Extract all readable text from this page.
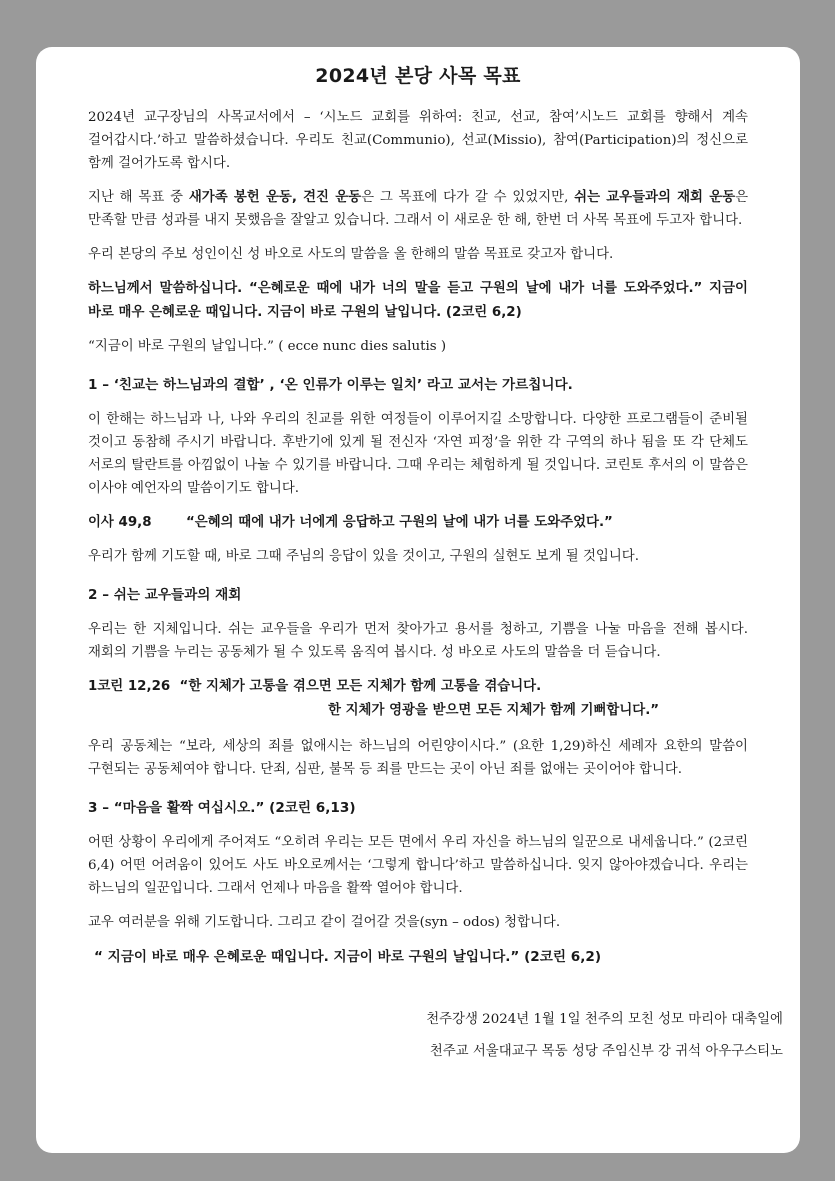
2024년 본당 사목 목표

2024년 교구장님의 사목교서에서 – ‘시노드 교회를 위하여: 친교, 선교, 참여’시노드 교회를 향해서 계속 걸어갑시다.’하고 말씀하셨습니다. 우리도 친교(Communio), 선교(Missio), 참여(Participation)의 정신으로 함께 걸어가도록 합시다.

지난 해 목표 중 새가족 봉헌 운동, 견진 운동은 그 목표에 다가 갈 수 있었지만, 쉬는 교우들과의 재회 운동은 만족할 만큼 성과를 내지 못했음을 잘알고 있습니다. 그래서 이 새로운 한 해, 한번 더 사목 목표에 두고자 합니다.

우리 본당의 주보 성인이신 성 바오로 사도의 말씀을 올 한해의 말씀 목표로 갖고자 합니다.

하느님께서 말씀하십니다. “은혜로운 때에 내가 너의 말을 듣고 구원의 날에 내가 너를 도와주었다.” 지금이 바로 매우 은혜로운 때입니다. 지금이 바로 구원의 날입니다. (2코린 6,2)

“지금이 바로 구원의 날입니다.” ( ecce nunc dies salutis )

1 – ‘친교는 하느님과의 결합’ , ‘온 인류가 이루는 일치’ 라고 교서는 가르칩니다.

이 한해는 하느님과 나, 나와 우리의 친교를 위한 여정들이 이루어지길 소망합니다. 다양한 프로그램들이 준비될 것이고 동참해 주시기 바랍니다. 후반기에 있게 될 전신자 ‘자연 피정’을 위한 각 구역의 하나 됨을 또 각 단체도 서로의 탈란트를 아낌없이 나눌 수 있기를 바랍니다. 그때 우리는 체험하게 될 것입니다. 코린토 후서의 이 말씀은 이사야 예언자의 말씀이기도 합니다.

이사 49,8	“은혜의 때에 내가 너에게 응답하고 구원의 날에 내가 너를 도와주었다.”

우리가 함께 기도할 때, 바로 그때 주님의 응답이 있을 것이고, 구원의 실현도 보게 될 것입니다.

2 – 쉬는 교우들과의 재회

우리는 한 지체입니다. 쉬는 교우들을 우리가 먼저 찾아가고 용서를 청하고, 기쁨을 나눌 마음을 전해 봅시다. 재회의 기쁨을 누리는 공동체가 될 수 있도록 움직여 봅시다. 성 바오로 사도의 말씀을 더 듣습니다.

1코린 12,26 “한 지체가 고통을 겪으면 모든 지체가 함께 고통을 겪습니다.
한 지체가 영광을 받으면 모든 지체가 함께 기뻐합니다.”

우리 공동체는 “보라, 세상의 죄를 없애시는 하느님의 어린양이시다.” (요한 1,29)하신 세례자 요한의 말씀이 구현되는 공동체여야 합니다. 단죄, 심판, 불목 등 죄를 만드는 곳이 아닌 죄를 없애는 곳이어야 합니다.

3 – “마음을 활짝 여십시오.” (2코린 6,13)

어떤 상황이 우리에게 주어져도 “오히려 우리는 모든 면에서 우리 자신을 하느님의 일꾼으로 내세웁니다.” (2코린 6,4) 어떤 어려움이 있어도 사도 바오로께서는 ‘그렇게 합니다’하고 말씀하십니다. 잊지 않아야겠습니다. 우리는 하느님의 일꾼입니다. 그래서 언제나 마음을 활짝 열어야 합니다.

교우 여러분을 위해 기도합니다. 그리고 같이 걸어갈 것을(syn – odos) 청합니다.

“ 지금이 바로 매우 은혜로운 때입니다. 지금이 바로 구원의 날입니다.” (2코린 6,2)

천주강생 2024년 1월 1일 천주의 모친 성모 마리아 대축일에
천주교 서울대교구 목동 성당 주임신부 강 귀석 아우구스티노
